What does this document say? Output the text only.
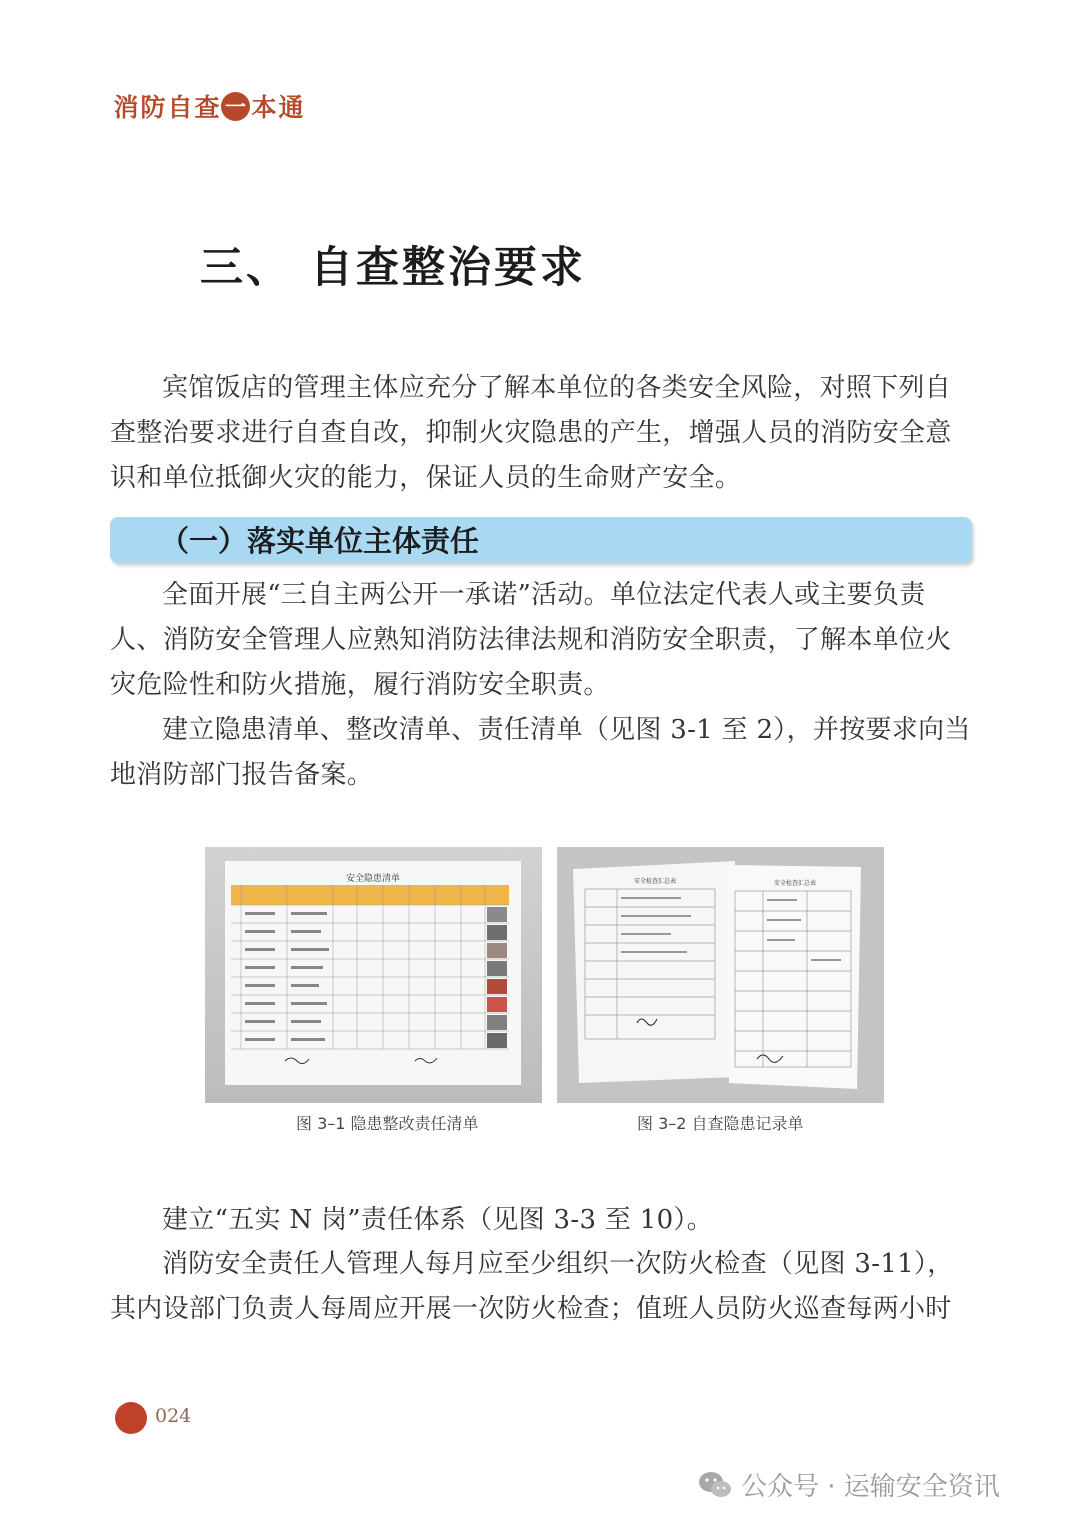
消 防 自 查 一 本 通
三、 自查整治要求

宾馆饭店的管理主体应充分了解本单位的各类安全风险，对照下列自查整治要求进行自查自改，抑制火灾隐患的产生，增强人员的消防安全意识和单位抵御火灾的能力，保证人员的生命财产安全。

（一）落实单位主体责任

全面开展“三自主两公开一承诺”活动。单位法定代表人或主要负责人、消防安全管理人应熟知消防法律法规和消防安全职责，了解本单位火灾危险性和防火措施，履行消防安全职责。

建立隐患清单、整改清单、责任清单（见图 3-1 至 2），并按要求向当地消防部门报告备案。

安全隐患清单	安全检查汇总表	安全检查汇总表
图 3–1 隐患整改责任清单	图 3–2 自查隐患记录单

建立“五实 N 岗”责任体系（见图 3-3 至 10）。

消防安全责任人管理人每月应至少组织一次防火检查（见图 3-11），其内设部门负责人每周应开展一次防火检查；值班人员防火巡查每两小时

024
公众号 · 运输安全资讯
